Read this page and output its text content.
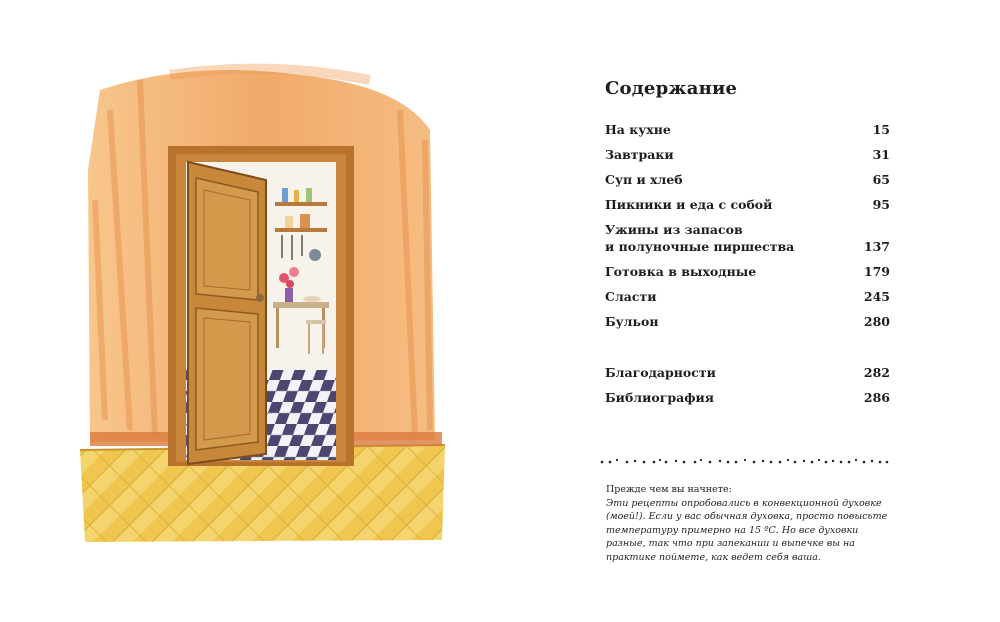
Содержание
На кухне	15
Завтраки	31
Суп и хлеб	65
Пикники и еда с собой	95
Ужины из запасов
и полуночные пиршества	137
Готовка в выходные	179
Сласти	245
Бульон	280
Благодарности	282
Библиография	286
Прежде чем вы начнете:
Эти рецепты опробовались в конвекционной духовке (моей!). Если у вас обычная духовка, просто повысьте температуру примерно на 15 ºС. Но все духовки разные, так что при запекании и выпечке вы на практике поймете, как ведет себя ваша.
